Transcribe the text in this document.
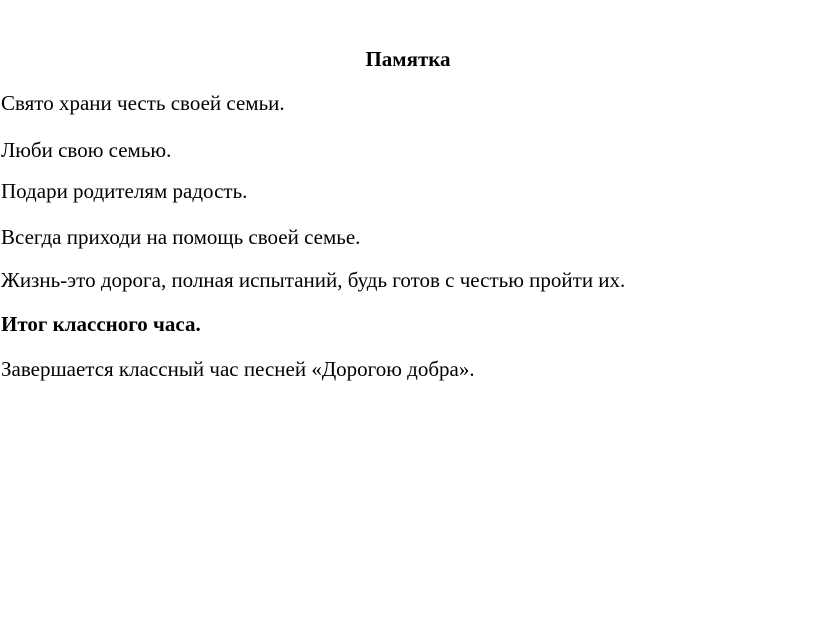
Памятка
Свято храни честь своей семьи.
Люби свою семью.
Подари родителям радость.
Всегда приходи на помощь своей семье.
Жизнь-это дорога, полная испытаний, будь готов с честью пройти их.
Итог классного часа.
Завершается классный час песней «Дорогою добра».
